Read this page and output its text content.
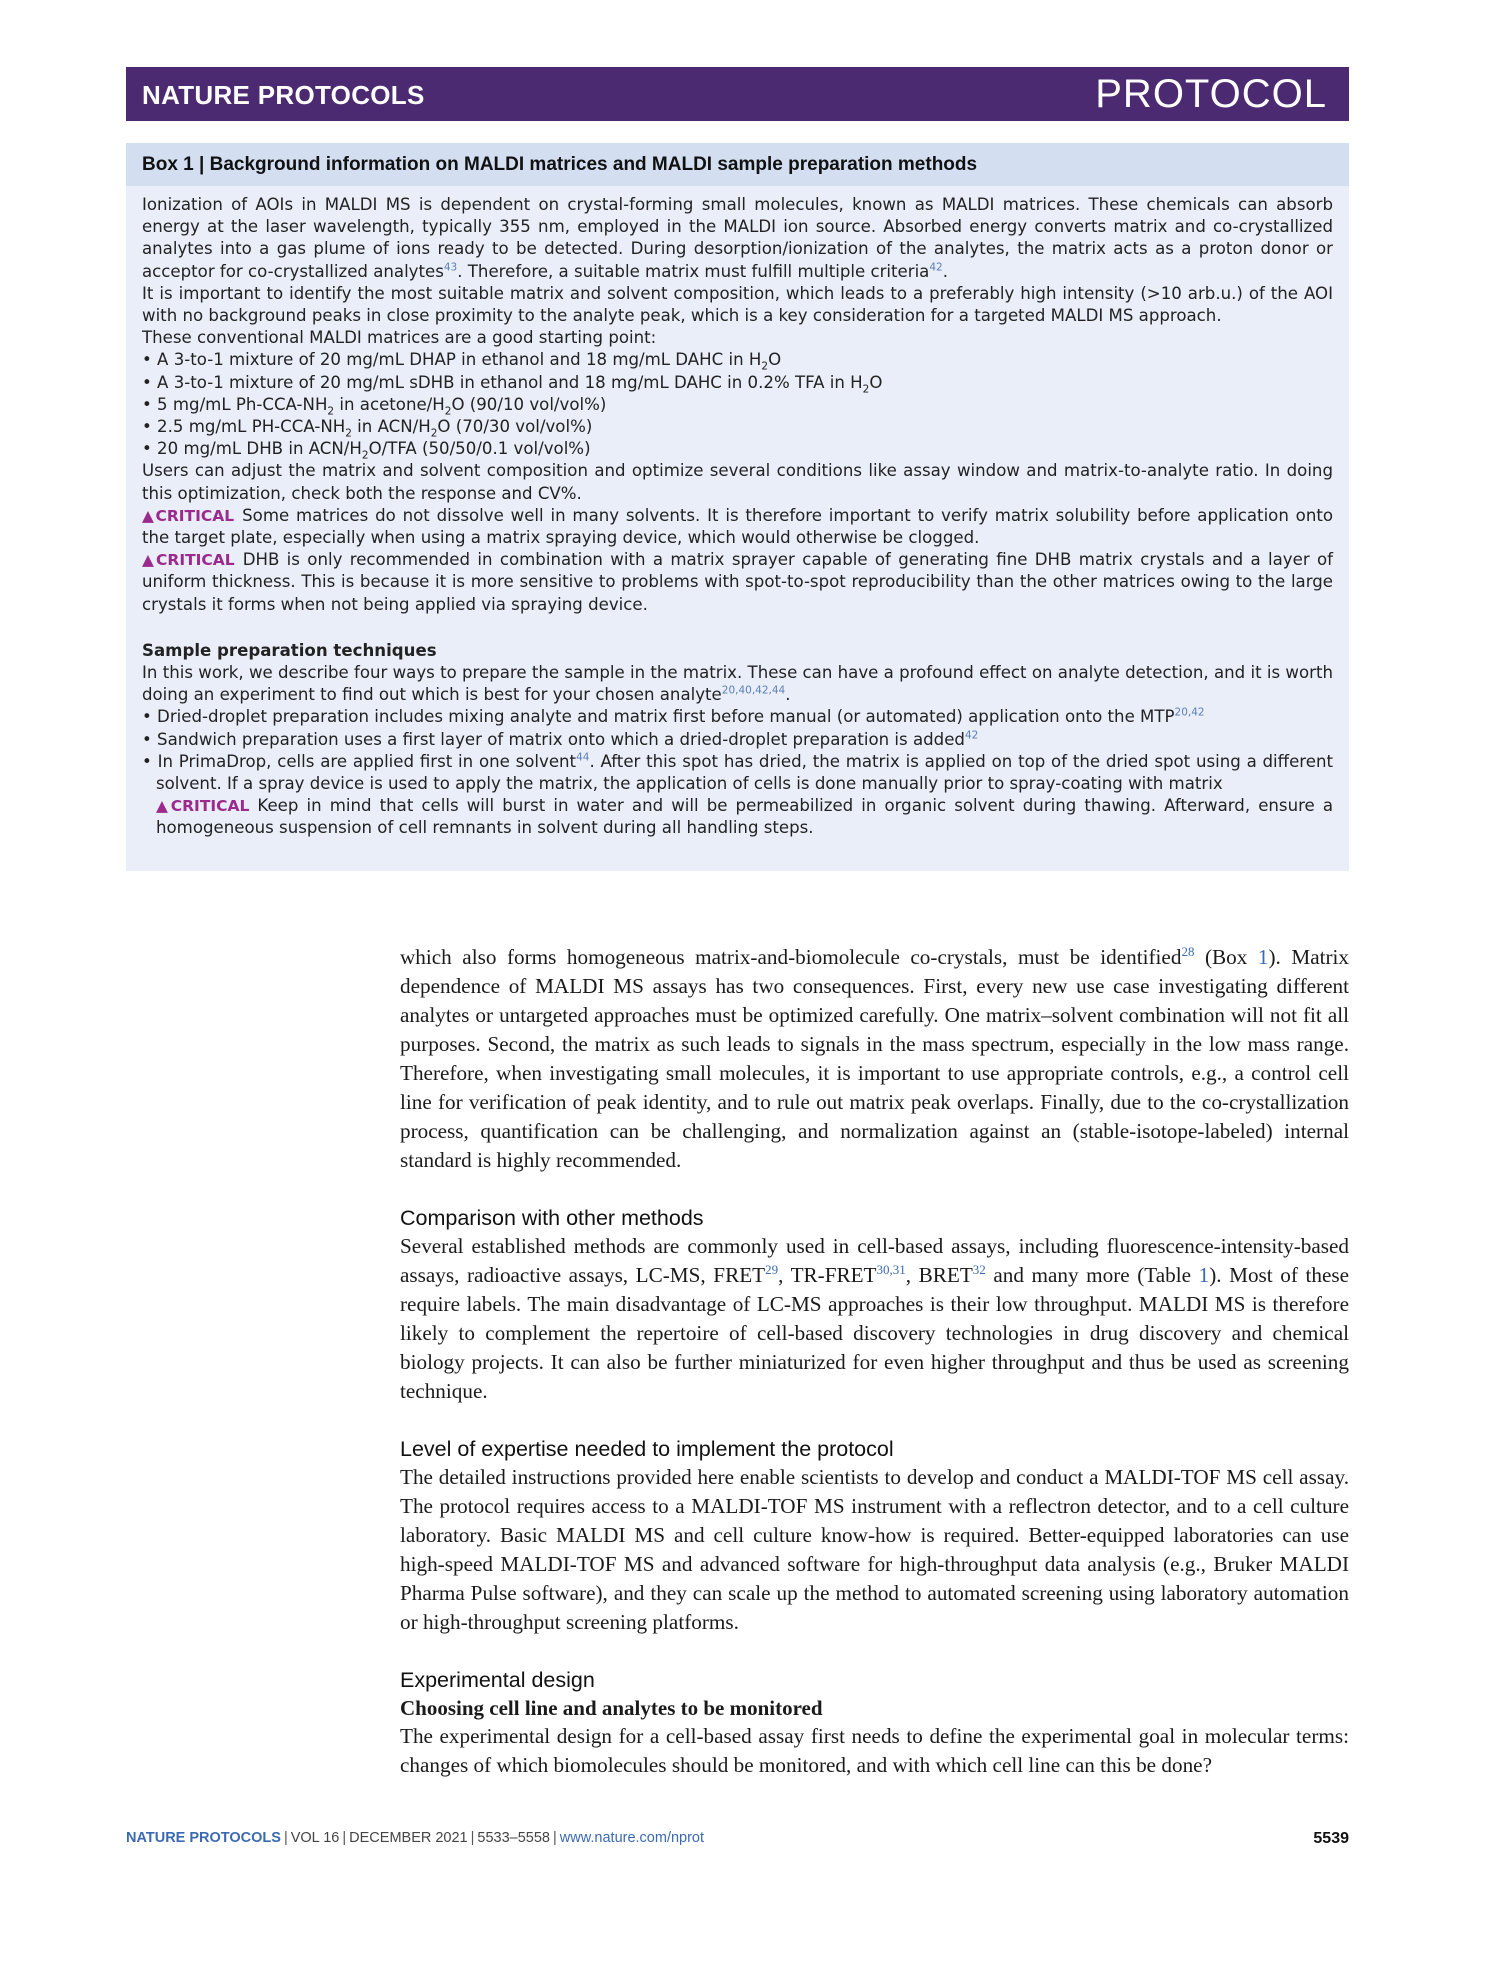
NATURE PROTOCOLS	PROTOCOL
Box 1 | Background information on MALDI matrices and MALDI sample preparation methods

Ionization of AOIs in MALDI MS is dependent on crystal-forming small molecules, known as MALDI matrices. These chemicals can absorb energy at the laser wavelength, typically 355 nm, employed in the MALDI ion source. Absorbed energy converts matrix and co-crystallized analytes into a gas plume of ions ready to be detected. During desorption/ionization of the analytes, the matrix acts as a proton donor or acceptor for co-crystallized analytes$^{43}$. Therefore, a suitable matrix must fulfill multiple criteria$^{42}$.

It is important to identify the most suitable matrix and solvent composition, which leads to a preferably high intensity (>10 arb.u.) of the AOI with no background peaks in close proximity to the analyte peak, which is a key consideration for a targeted MALDI MS approach.

These conventional MALDI matrices are a good starting point:

• A 3-to-1 mixture of 20 mg/mL DHAP in ethanol and 18 mg/mL DAHC in $H_2O$
• A 3-to-1 mixture of 20 mg/mL sDHB in ethanol and 18 mg/mL DAHC in 0.2% TFA in $H_2O$
• 5 mg/mL $Ph-CCA-NH_2$ in acetone/$H_2O$ (90/10 vol/vol%)
• 2.5 mg/mL $PH-CCA-NH_2$ in ACN/$H_2O$ (70/30 vol/vol%)
• 20 mg/mL DHB in ACN/$H_2O$/TFA (50/50/0.1 vol/vol%)

Users can adjust the matrix and solvent composition and optimize several conditions like assay window and matrix-to-analyte ratio. In doing this optimization, check both the response and CV%.

▲CRITICAL Some matrices do not dissolve well in many solvents. It is therefore important to verify matrix solubility before application onto the target plate, especially when using a matrix spraying device, which would otherwise be clogged.

▲CRITICAL DHB is only recommended in combination with a matrix sprayer capable of generating fine DHB matrix crystals and a layer of uniform thickness. This is because it is more sensitive to problems with spot-to-spot reproducibility than the other matrices owing to the large crystals it forms when not being applied via spraying device.

Sample preparation techniques

In this work, we describe four ways to prepare the sample in the matrix. These can have a profound effect on analyte detection, and it is worth doing an experiment to find out which is best for your chosen analyte$^{20,40,42,44}$.

• Dried-droplet preparation includes mixing analyte and matrix first before manual (or automated) application onto the MTP$^{20,42}$
• Sandwich preparation uses a first layer of matrix onto which a dried-droplet preparation is added$^{42}$
• In PrimaDrop, cells are applied first in one solvent$^{44}$. After this spot has dried, the matrix is applied on top of the dried spot using a different solvent. If a spray device is used to apply the matrix, the application of cells is done manually prior to spray-coating with matrix

▲CRITICAL Keep in mind that cells will burst in water and will be permeabilized in organic solvent during thawing. Afterward, ensure a homogeneous suspension of cell remnants in solvent during all handling steps.

which also forms homogeneous matrix-and-biomolecule co-crystals, must be identified$^{28}$ (Box 1). Matrix dependence of MALDI MS assays has two consequences. First, every new use case investigating different analytes or untargeted approaches must be optimized carefully. One matrix–solvent combination will not fit all purposes. Second, the matrix as such leads to signals in the mass spectrum, especially in the low mass range. Therefore, when investigating small molecules, it is important to use appropriate controls, e.g., a control cell line for verification of peak identity, and to rule out matrix peak overlaps. Finally, due to the co-crystallization process, quantification can be challenging, and normalization against an (stable-isotope-labeled) internal standard is highly recommended.

Comparison with other methods

Several established methods are commonly used in cell-based assays, including fluorescence-intensity-based assays, radioactive assays, LC-MS, FRET$^{29}$, TR-FRET$^{30,31}$, BRET$^{32}$ and many more (Table 1). Most of these require labels. The main disadvantage of LC-MS approaches is their low throughput. MALDI MS is therefore likely to complement the repertoire of cell-based discovery technologies in drug discovery and chemical biology projects. It can also be further miniaturized for even higher throughput and thus be used as screening technique.

Level of expertise needed to implement the protocol

The detailed instructions provided here enable scientists to develop and conduct a MALDI-TOF MS cell assay. The protocol requires access to a MALDI-TOF MS instrument with a reflectron detector, and to a cell culture laboratory. Basic MALDI MS and cell culture know-how is required. Better-equipped laboratories can use high-speed MALDI-TOF MS and advanced software for high-throughput data analysis (e.g., Bruker MALDI Pharma Pulse software), and they can scale up the method to automated screening using laboratory automation or high-throughput screening platforms.

Experimental design
Choosing cell line and analytes to be monitored

The experimental design for a cell-based assay first needs to define the experimental goal in molecular terms: changes of which biomolecules should be monitored, and with which cell line can this be done?

NATURE PROTOCOLS | VOL 16 | DECEMBER 2021 | 5533–5558 | www.nature.com/nprot	5539
